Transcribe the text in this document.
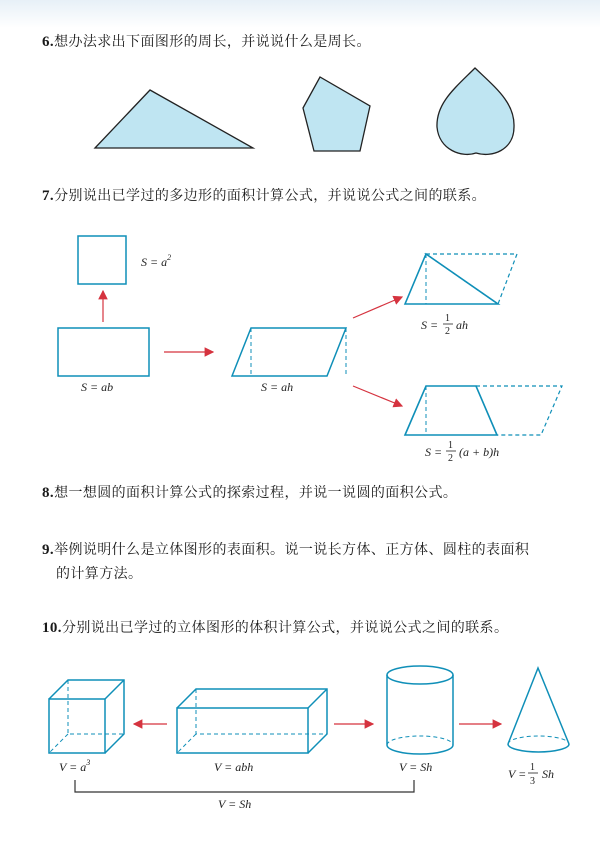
6.想办法求出下面图形的周长，并说说什么是周长。

7.分别说出已学过的多边形的面积计算公式，并说说公式之间的联系。

8.想一想圆的面积计算公式的探索过程，并说一说圆的面积公式。

9.举例说明什么是立体图形的表面积。说一说长方体、正方体、圆柱的表面积
的计算方法。

10.分别说出已学过的立体图形的体积计算公式，并说说公式之间的联系。

$S = a^2$
S = ab	S = ah
S = 1
2 ah
S = 1
2 (a + b)h
$V = a^3$	V = abh	V = Sh	V = 1
3
Sh
V = Sh
